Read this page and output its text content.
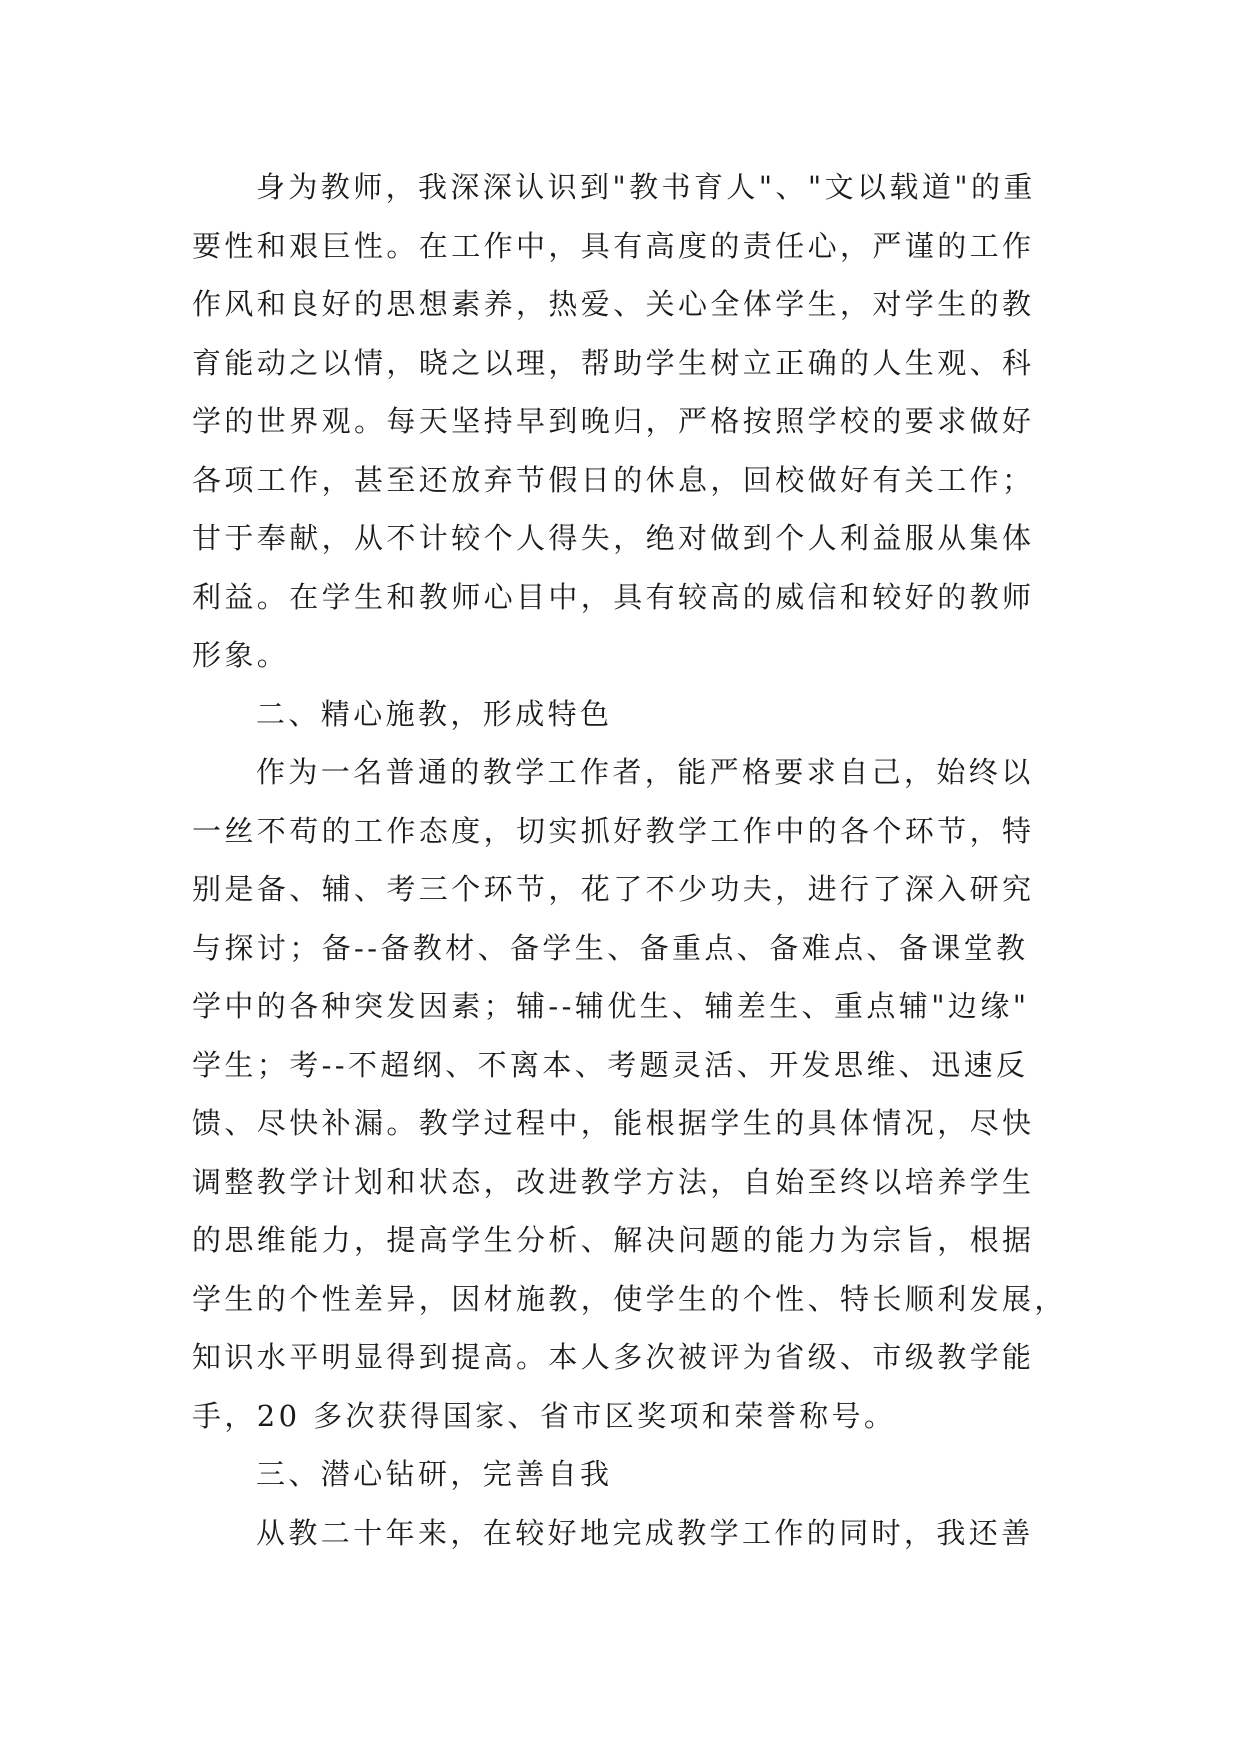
身为教师，我深深认识到"教书育人"、"文以载道"的重
要性和艰巨性。在工作中，具有高度的责任心，严谨的工作
作风和良好的思想素养，热爱、关心全体学生，对学生的教
育能动之以情，晓之以理，帮助学生树立正确的人生观、科
学的世界观。每天坚持早到晚归，严格按照学校的要求做好
各项工作，甚至还放弃节假日的休息，回校做好有关工作；
甘于奉献，从不计较个人得失，绝对做到个人利益服从集体
利益。在学生和教师心目中，具有较高的威信和较好的教师
形象。
二、精心施教，形成特色
作为一名普通的教学工作者，能严格要求自己，始终以
一丝不苟的工作态度，切实抓好教学工作中的各个环节，特
别是备、辅、考三个环节，花了不少功夫，进行了深入研究
与探讨；备--备教材、备学生、备重点、备难点、备课堂教
学中的各种突发因素；辅--辅优生、辅差生、重点辅"边缘"
学生；考--不超纲、不离本、考题灵活、开发思维、迅速反
馈、尽快补漏。教学过程中，能根据学生的具体情况，尽快
调整教学计划和状态，改进教学方法，自始至终以培养学生
的思维能力，提高学生分析、解决问题的能力为宗旨，根据
学生的个性差异，因材施教，使学生的个性、特长顺利发展，
知识水平明显得到提高。本人多次被评为省级、市级教学能
手，20 多次获得国家、省市区奖项和荣誉称号。
三、潜心钻研，完善自我
从教二十年来，在较好地完成教学工作的同时，我还善
